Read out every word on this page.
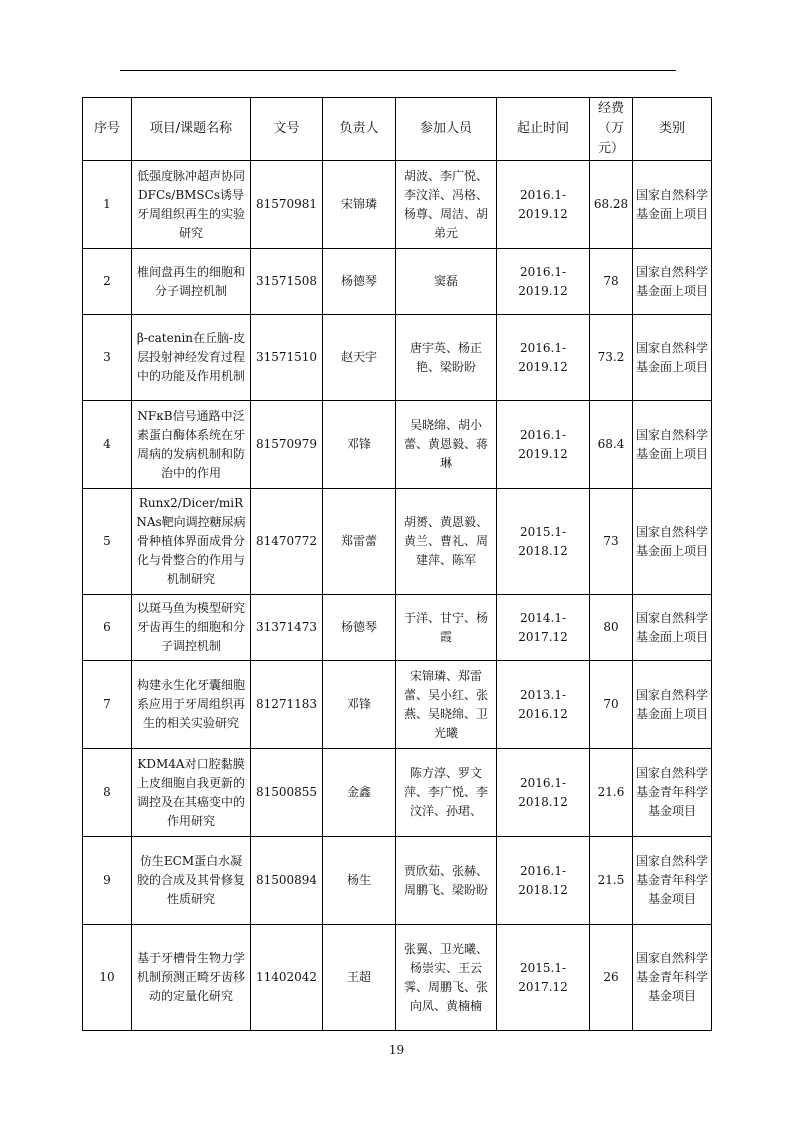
序号	项目/课题名称	文号	负责人	参加人员	起止时间	经费（万元）	类别
1	低强度脉冲超声协同DFCs/BMSCs诱导牙周组织再生的实验研究	81570981	宋锦璘	胡波、李广悦、李汶洋、冯格、杨尊、周洁、胡弟元	2016.1-2019.12	68.28	国家自然科学基金面上项目
2	椎间盘再生的细胞和分子调控机制	31571508	杨德琴	窦磊	2016.1-2019.12	78	国家自然科学基金面上项目
3	β-catenin在丘脑-皮层投射神经发育过程中的功能及作用机制	31571510	赵天宇	唐宇英、杨正艳、梁盼盼	2016.1-2019.12	73.2	国家自然科学基金面上项目
4	NFκB信号通路中泛素蛋白酶体系统在牙周病的发病机制和防治中的作用	81570979	邓锋	吴晓绵、胡小蕾、黄恩毅、蒋琳	2016.1-2019.12	68.4	国家自然科学基金面上项目
5	Runx2/Dicer/miRNAs靶向调控糖尿病骨种植体界面成骨分化与骨整合的作用与机制研究	81470772	郑雷蕾	胡赟、黄恩毅、黄兰、曹礼、周建萍、陈军	2015.1-2018.12	73	国家自然科学基金面上项目
6	以斑马鱼为模型研究牙齿再生的细胞和分子调控机制	31371473	杨德琴	于洋、甘宁、杨霞	2014.1-2017.12	80	国家自然科学基金面上项目
7	构建永生化牙囊细胞系应用于牙周组织再生的相关实验研究	81271183	邓锋	宋锦璘、郑雷蕾、吴小红、张燕、吴晓绵、卫光曦	2013.1-2016.12	70	国家自然科学基金面上项目
8	KDM4A对口腔黏膜上皮细胞自我更新的调控及在其癌变中的作用研究	81500855	金鑫	陈方淳、罗文萍、李广悦、李汶洋、孙珺、	2016.1-2018.12	21.6	国家自然科学基金青年科学基金项目
9	仿生ECM蛋白水凝胶的合成及其骨修复性质研究	81500894	杨生	贾欣茹、张赫、周鹏飞、梁盼盼	2016.1-2018.12	21.5	国家自然科学基金青年科学基金项目
10	基于牙槽骨生物力学机制预测正畸牙齿移动的定量化研究	11402042	王超	张翼、卫光曦、杨崇实、王云霁、周鹏飞、张向凤、黄楠楠	2015.1-2017.12	26	国家自然科学基金青年科学基金项目
19
